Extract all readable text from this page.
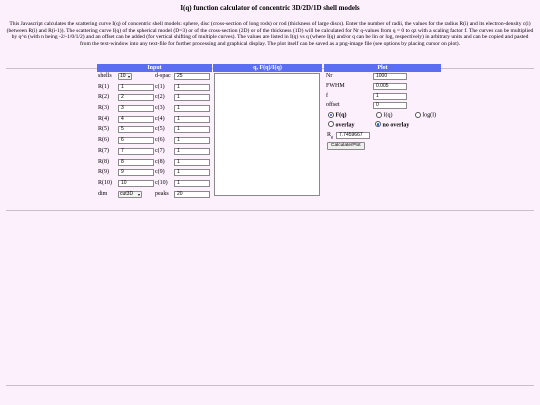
I(q) function calculator of concentric 3D/2D/1D shell models
This Javascript calculates the scattering curve I(q) of concentric shell models: sphere, disc (cross-section of long rods) or rod (thickness of large discs). Enter the number of radii, the values for the radius R(i) and its electron-density c(i) (between R(i) and R(i-1)). The scattering curve I(q) of the spherical model (D=3) or of the cross-section (2D) or of the thickness (1D) will be calculated for Nr q-values from q = 0 to qz with a scaling factor f. The curves can be multiplied by q^n (with n being -2/-1/0/1/2) and an offset can be added (for vertical shifting of multiple curves). The values are listed in I(q) vs q (where I(q) and/or q can be lin or log, respectively) in arbitrary units and can be copied and pasted from the text-window into any text-file for further processing and graphical display. The plot itself can be saved as a png-image file (see options by placing cursor on plot).
Input
shells	10 ▾	d-spac	25
R(1)	1	c(1)	1
R(2)	2	c(2)	1
R(3)	3	c(3)	1
R(4)	4	c(4)	1
R(5)	5	c(5)	1
R(6)	6	c(6)	1
R(7)	7	c(7)	1
R(8)	8	c(8)	1
R(9)	9	c(9)	1
R(10)	10	c(10)	1
dim	cut3D ▾	peaks	20
q, F(q)/I(q)	Plot
Nr	1000
FWHM	0.005
f	1
offset	0
F(q)	I(q)	log(I)
overlay	no overlay
$R_g$	7.7459667
Calculate/Plot
